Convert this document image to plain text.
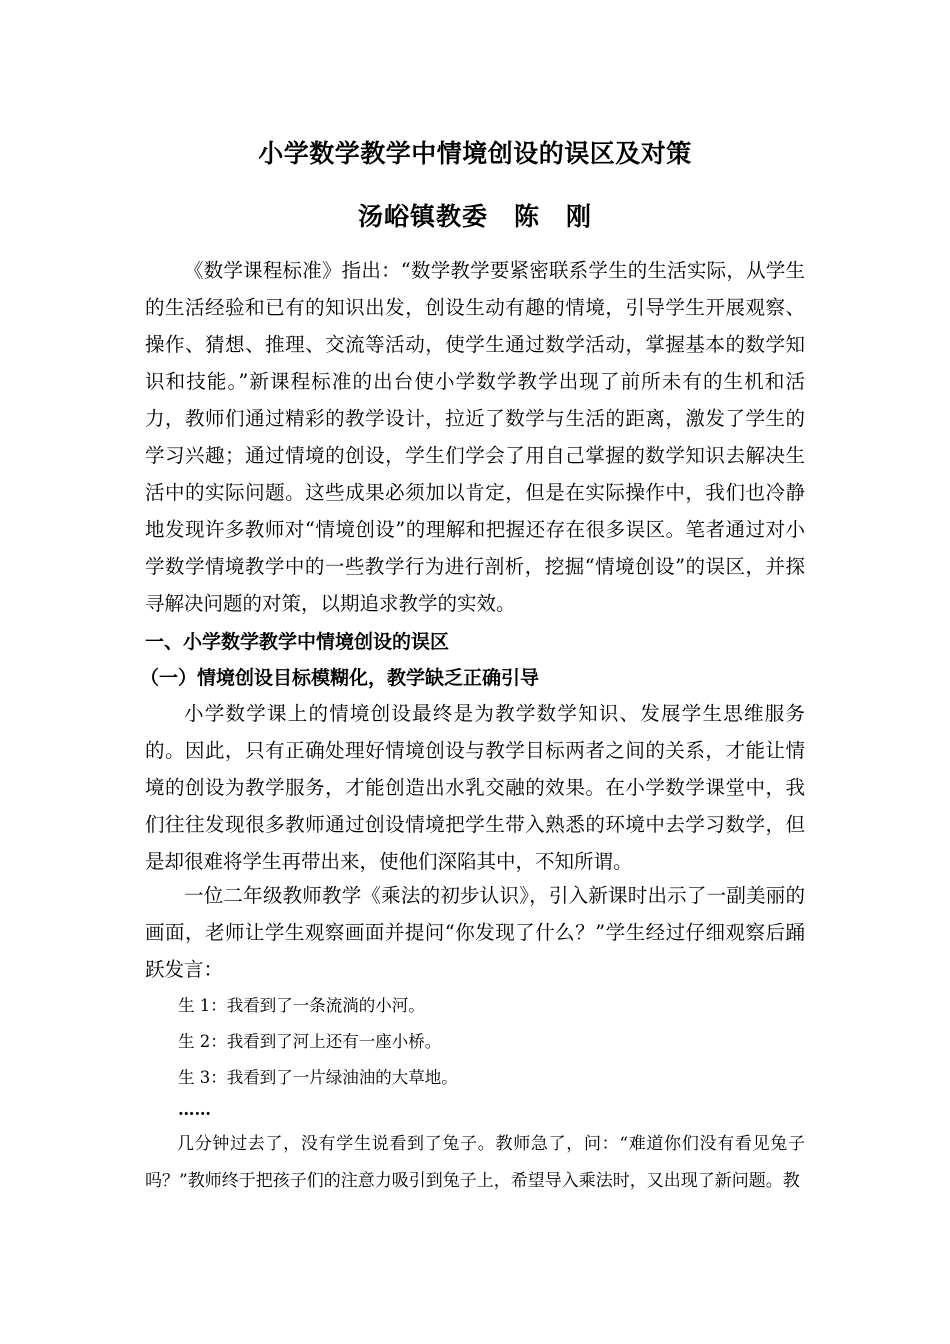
小学数学教学中情境创设的误区及对策
汤峪镇教委　陈　刚

《数学课程标准》指出：“数学教学要紧密联系学生的生活实际，从学生的生活经验和已有的知识出发，创设生动有趣的情境，引导学生开展观察、操作、猜想、推理、交流等活动，使学生通过数学活动，掌握基本的数学知识和技能。”新课程标准的出台使小学数学教学出现了前所未有的生机和活力，教师们通过精彩的教学设计，拉近了数学与生活的距离，激发了学生的学习兴趣；通过情境的创设，学生们学会了用自己掌握的数学知识去解决生活中的实际问题。这些成果必须加以肯定，但是在实际操作中，我们也冷静地发现许多教师对“情境创设”的理解和把握还存在很多误区。笔者通过对小学数学情境教学中的一些教学行为进行剖析，挖掘“情境创设”的误区，并探寻解决问题的对策，以期追求教学的实效。

一、小学数学教学中情境创设的误区
（一）情境创设目标模糊化，教学缺乏正确引导

小学数学课上的情境创设最终是为教学数学知识、发展学生思维服务的。因此，只有正确处理好情境创设与教学目标两者之间的关系，才能让情境的创设为教学服务，才能创造出水乳交融的效果。在小学数学课堂中，我们往往发现很多教师通过创设情境把学生带入熟悉的环境中去学习数学，但是却很难将学生再带出来，使他们深陷其中，不知所谓。

一位二年级教师教学《乘法的初步认识》，引入新课时出示了一副美丽的画面，老师让学生观察画面并提问“你发现了什么？”学生经过仔细观察后踊跃发言：

生 1：我看到了一条流淌的小河。
生 2：我看到了河上还有一座小桥。
生 3：我看到了一片绿油油的大草地。
……

几分钟过去了，没有学生说看到了兔子。教师急了，问：“难道你们没有看见兔子吗？”教师终于把孩子们的注意力吸引到兔子上，希望导入乘法时，又出现了新问题。教
